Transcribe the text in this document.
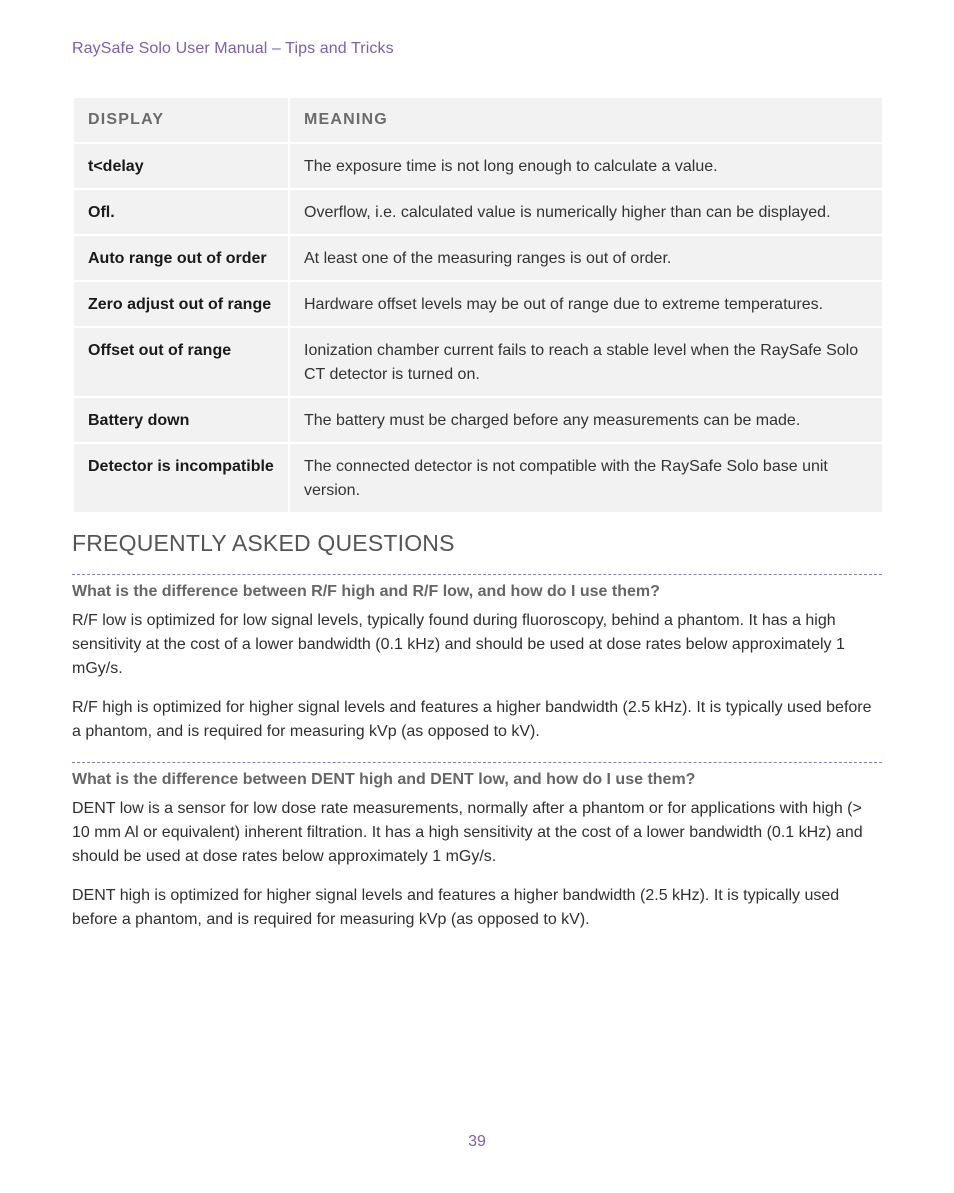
RaySafe Solo User Manual – Tips and Tricks
DISPLAY	MEANING
t<delay	The exposure time is not long enough to calculate a value.
Ofl.	Overflow, i.e. calculated value is numerically higher than can be displayed.
Auto range out of order	At least one of the measuring ranges is out of order.
Zero adjust out of range	Hardware offset levels may be out of range due to extreme temperatures.
Offset out of range	Ionization chamber current fails to reach a stable level when the RaySafe Solo CT detector is turned on.
Battery down	The battery must be charged before any measurements can be made.
Detector is incompatible	The connected detector is not compatible with the RaySafe Solo base unit version.
FREQUENTLY ASKED QUESTIONS
What is the difference between R/F high and R/F low, and how do I use them?

R/F low is optimized for low signal levels, typically found during fluoroscopy, behind a phantom. It has a high sensitivity at the cost of a lower bandwidth (0.1 kHz) and should be used at dose rates below approximately 1 mGy/s.

R/F high is optimized for higher signal levels and features a higher bandwidth (2.5 kHz). It is typically used before a phantom, and is required for measuring kVp (as opposed to kV).

What is the difference between DENT high and DENT low, and how do I use them?

DENT low is a sensor for low dose rate measurements, normally after a phantom or for applications with high (> 10 mm Al or equivalent) inherent filtration. It has a high sensitivity at the cost of a lower bandwidth (0.1 kHz) and should be used at dose rates below approximately 1 mGy/s.

DENT high is optimized for higher signal levels and features a higher bandwidth (2.5 kHz). It is typically used before a phantom, and is required for measuring kVp (as opposed to kV).

39
